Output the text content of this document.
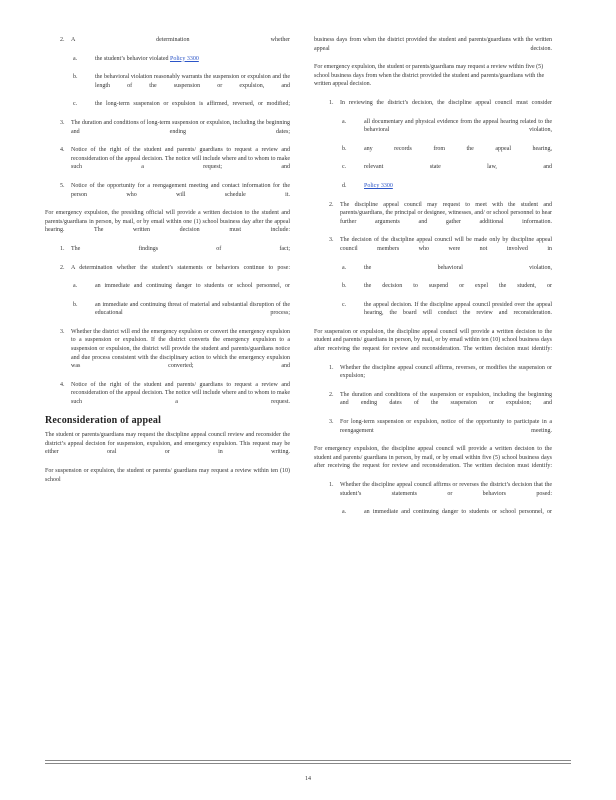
2. A determination whether
a.	the student’s behavior violated Policy 3300
b.	the behavioral violation reasonably warrants the suspension or expulsion and the length of the suspension or expulsion, and
c.	the long-term suspension or expulsion is affirmed, reversed, or modified;
3. The duration and conditions of long-term suspension or expulsion, including the beginning and ending dates;
4. Notice of the right of the student and parents/ guardians to request a review and reconsideration of the appeal decision. The notice will include where and to whom to make such a request; and
5. Notice of the opportunity for a reengagement meeting and contact information for the person who will schedule it.

For emergency expulsion, the presiding official will provide a written decision to the student and parents/guardians in person, by mail, or by email within one (1) school business day after the appeal hearing. The written decision must include:

1. The findings of fact;
2. A determination whether the student’s statements or behaviors continue to pose:
a.	an immediate and continuing danger to students or school personnel, or
b.	an immediate and continuing threat of material and substantial disruption of the educational process;
3. Whether the district will end the emergency expulsion or convert the emergency expulsion to a suspension or expulsion. If the district converts the emergency expulsion to a suspension or expulsion, the district will provide the student and parents/guardians notice and due process consistent with the disciplinary action to which the emergency expulsion was converted; and
4. Notice of the right of the student and parents/ guardians to request a review and reconsideration of the appeal decision. The notice will include where and to whom to make such a request.
Reconsideration of appeal

The student or parents/guardians may request the discipline appeal council review and reconsider the district’s appeal decision for suspension, expulsion, and emergency expulsion. This request may be either oral or in writing.

For suspension or expulsion, the student or parents/ guardians may request a review within ten (10) school

business days from when the district provided the student and parents/guardians with the written appeal decision.

For emergency expulsion, the student or parents/guardians may request a review within five (5) school business days from when the district provided the student and parents/guardians with the written appeal decision.

1. In reviewing the district’s decision, the discipline appeal council must consider
a.	all documentary and physical evidence from the appeal hearing related to the behavioral violation,
b.	any records from the appeal hearing,
c.	relevant state law, and
d.	Policy 3300
2. The discipline appeal council may request to meet with the student and parents/guardians, the principal or designee, witnesses, and/ or school personnel to hear further arguments and gather additional information.
3. The decision of the discipline appeal council will be made only by discipline appeal council members who were not involved in
a.	the behavioral violation,
b.	the decision to suspend or expel the student, or
c.	the appeal decision. If the discipline appeal council presided over the appeal hearing, the board will conduct the review and reconsideration.

For suspension or expulsion, the discipline appeal council will provide a written decision to the student and parents/ guardians in person, by mail, or by email within ten (10) school business days after receiving the request for review and reconsideration. The written decision must identify:

1. Whether the discipline appeal council affirms, reverses, or modifies the suspension or expulsion;
2. The duration and conditions of the suspension or expulsion, including the beginning and ending dates of the suspension or expulsion; and
3. For long-term suspension or expulsion, notice of the opportunity to participate in a reengagement meeting.

For emergency expulsion, the discipline appeal council will provide a written decision to the student and parents/ guardians in person, by mail, or by email within five (5) school business days after receiving the request for review and reconsideration. The written decision must identify:

1. Whether the discipline appeal council affirms or reverses the district’s decision that the student’s statements or behaviors posed:
a.	an immediate and continuing danger to students or school personnel, or
14
